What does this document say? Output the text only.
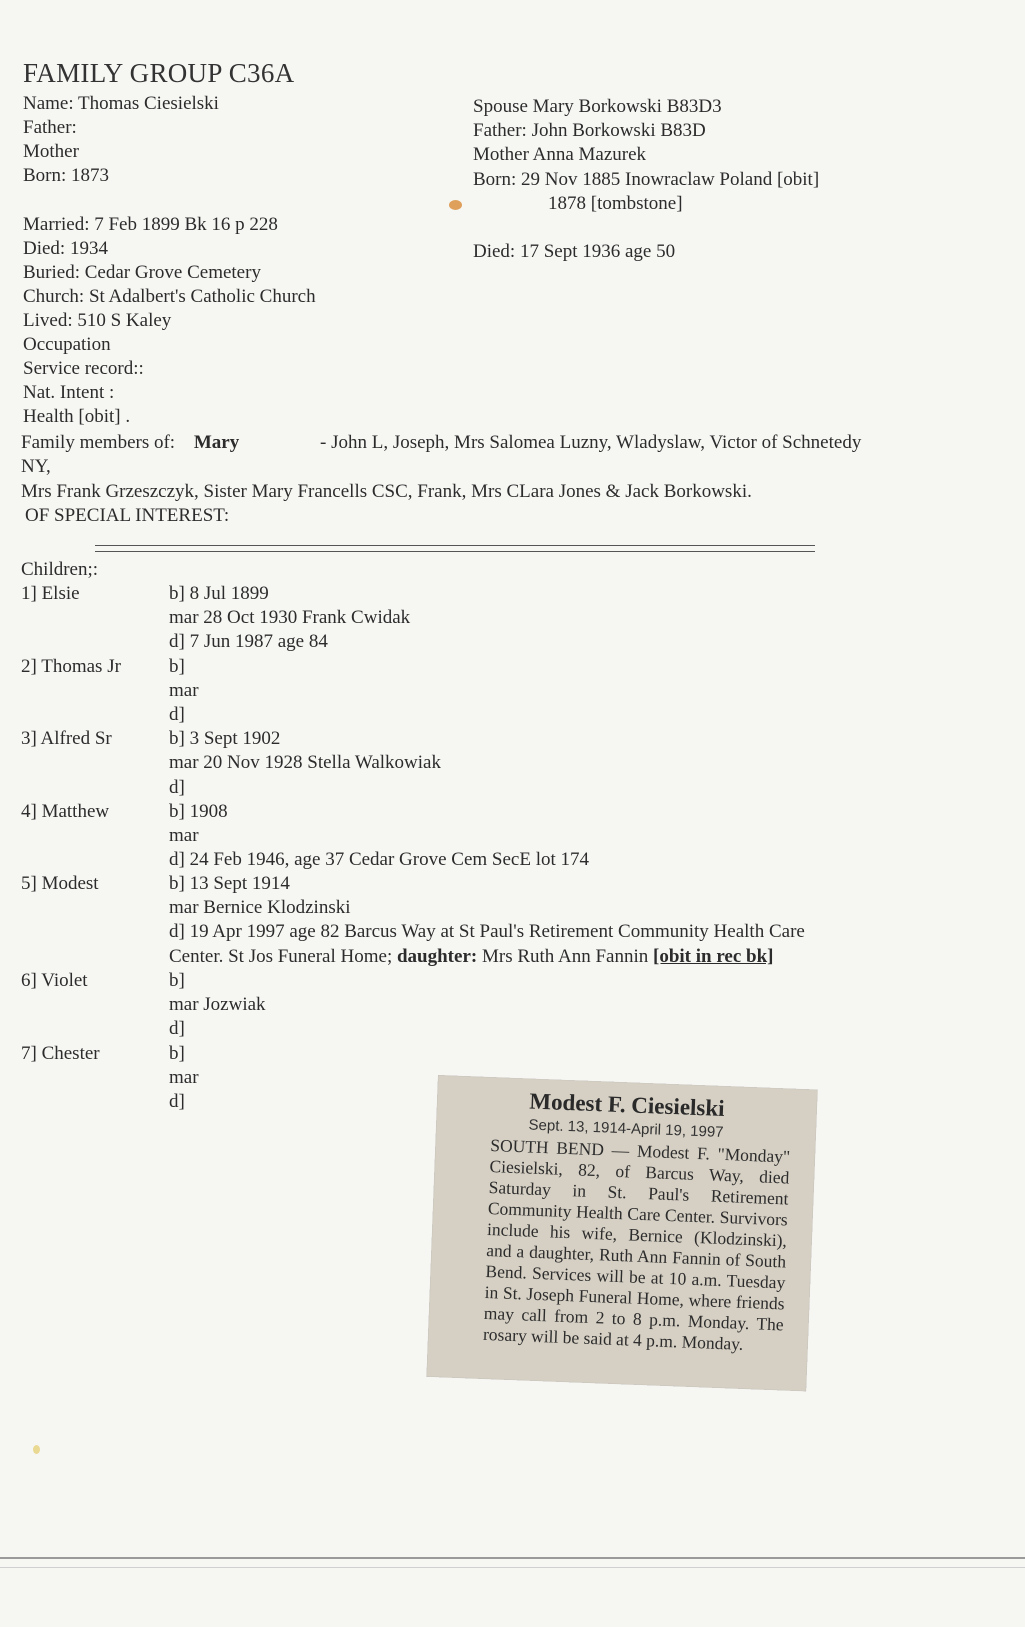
FAMILY GROUP C36A
Name: Thomas Ciesielski
Father:
Mother
Born: 1873
Married: 7 Feb 1899 Bk 16 p 228
Died: 1934
Buried: Cedar Grove Cemetery
Church: St Adalbert's Catholic Church
Lived: 510 S Kaley
Occupation
Service record::
Nat. Intent :
Health [obit] .
Spouse Mary Borkowski B83D3
Father: John Borkowski B83D
Mother Anna Mazurek
Born: 29 Nov 1885 Inowraclaw Poland [obit]
1878 [tombstone]
Died: 17 Sept 1936 age 50
Family members of: Mary	- John L, Joseph, Mrs Salomea Luzny, Wladyslaw, Victor of Schnetedy
NY,
Mrs Frank Grzeszczyk, Sister Mary Francells CSC, Frank, Mrs CLara Jones & Jack Borkowski.
OF SPECIAL INTEREST:
Children;:
1] Elsie	b] 8 Jul 1899
mar 28 Oct 1930 Frank Cwidak
d] 7 Jun 1987 age 84
2] Thomas Jr	b]
mar
d]
3] Alfred Sr	b] 3 Sept 1902
mar 20 Nov 1928 Stella Walkowiak
d]
4] Matthew	b] 1908
mar
d] 24 Feb 1946, age 37 Cedar Grove Cem SecE lot 174
5] Modest	b] 13 Sept 1914
mar Bernice Klodzinski
d] 19 Apr 1997 age 82 Barcus Way at St Paul's Retirement Community Health Care
Center. St Jos Funeral Home; daughter: Mrs Ruth Ann Fannin [obit in rec bk]
6] Violet	b]
mar Jozwiak
d]
7] Chester	b]
mar
d]	Modest F. Ciesielski
Sept. 13, 1914-April 19, 1997
SOUTH BEND — Modest F. "Monday" Ciesielski, 82, of Barcus Way, died Saturday in St. Paul's Retirement Community Health Care Center. Survivors include his wife, Bernice (Klodzinski), and a daughter, Ruth Ann Fannin of South Bend. Services will be at 10 a.m. Tuesday in St. Joseph Funeral Home, where friends may call from 2 to 8 p.m. Monday. The rosary will be said at 4 p.m. Monday.
